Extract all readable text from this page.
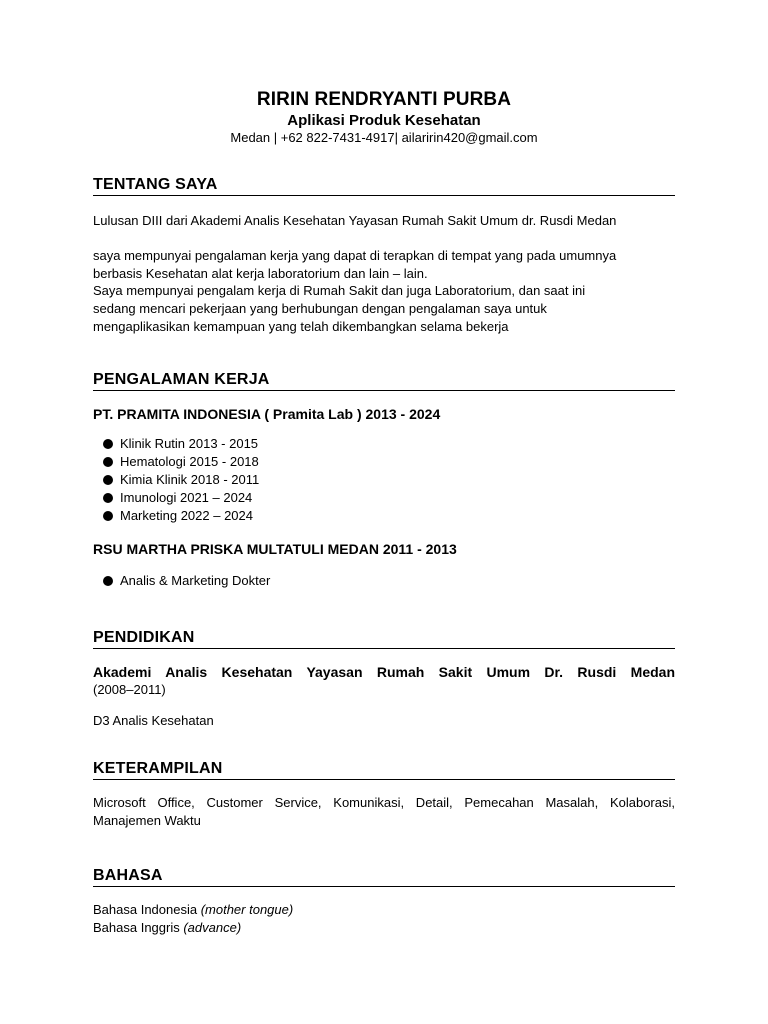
RIRIN RENDRYANTI PURBA
Aplikasi Produk Kesehatan
Medan | +62 822-7431-4917| ailaririn420@gmail.com
TENTANG SAYA

Lulusan DIII dari Akademi Analis Kesehatan Yayasan Rumah Sakit Umum dr. Rusdi Medan

saya mempunyai pengalaman kerja yang dapat di terapkan di tempat yang pada umumnya

berbasis Kesehatan alat kerja laboratorium dan lain – lain.

Saya mempunyai pengalam kerja di Rumah Sakit dan juga Laboratorium, dan saat ini

sedang mencari pekerjaan yang berhubungan dengan pengalaman saya untuk

mengaplikasikan kemampuan yang telah dikembangkan selama bekerja

PENGALAMAN KERJA
PT. PRAMITA INDONESIA ( Pramita Lab ) 2013 - 2024
Klinik Rutin 2013 - 2015
Hematologi 2015 - 2018
Kimia Klinik 2018 - 2011
Imunologi 2021 – 2024
Marketing 2022 – 2024
RSU MARTHA PRISKA MULTATULI MEDAN 2011 - 2013
Analis & Marketing Dokter
PENDIDIKAN
Akademi Analis Kesehatan Yayasan Rumah Sakit Umum Dr. Rusdi Medan

(2008–2011)

D3 Analis Kesehatan

KETERAMPILAN

Microsoft Office, Customer Service, Komunikasi, Detail, Pemecahan Masalah, Kolaborasi,

Manajemen Waktu

BAHASA

Bahasa Indonesia (mother tongue)

Bahasa Inggris (advance)
